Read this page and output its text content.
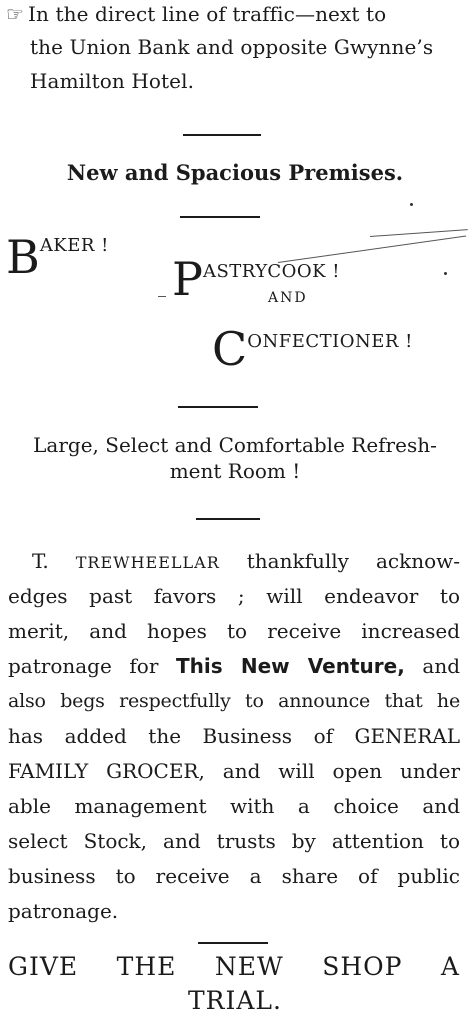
☞ In the direct line of traffic—next to
the Union Bank and opposite Gwynne’s
Hamilton Hotel.
New and Spacious Premises.
BAKER !
PASTRYCOOK !
AND
CONFECTIONER !
Large, Select and Comfortable Refresh-
ment Room !
T. TREWHEELLAR thankfully acknow-
edges past favors ; will endeavor to
merit, and hopes to receive increased
patronage for This New Venture, and
also begs respectfully to announce that he
has added the Business of GENERAL
FAMILY GROCER, and will open under
able management with a choice and
select Stock, and trusts by attention to
business to receive a share of public
patronage.
GIVE THE NEW SHOP A
TRIAL.
